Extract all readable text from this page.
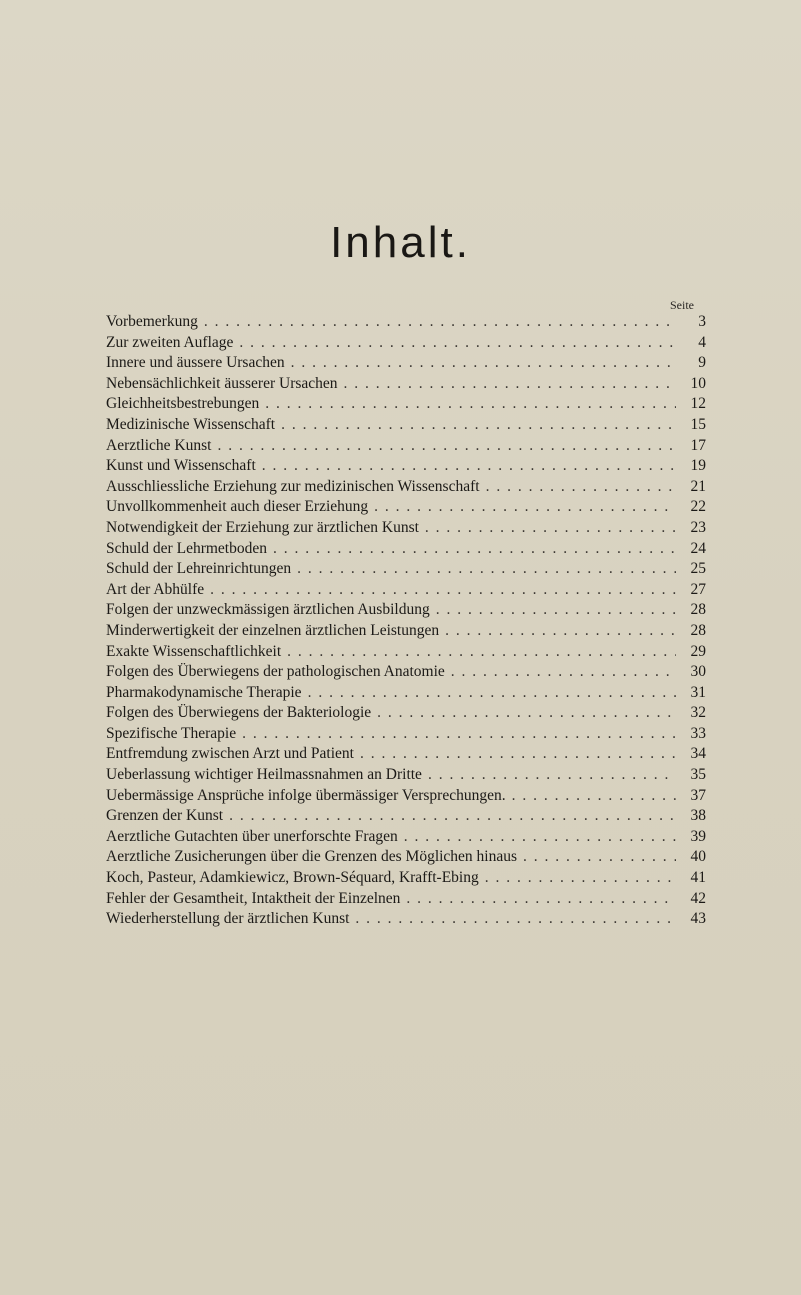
Inhalt.
Seite
Vorbemerkung . . .	3
Zur zweiten Auflage . . .	4
Innere und äussere Ursachen . . .	9
Nebensächlichkeit äusserer Ursachen . . .	10
Gleichheitsbestrebungen . . .	12
Medizinische Wissenschaft . . .	15
Aerztliche Kunst . . .	17
Kunst und Wissenschaft . . .	19
Ausschliessliche Erziehung zur medizinischen Wissenschaft . . .	21
Unvollkommenheit auch dieser Erziehung . . .	22
Notwendigkeit der Erziehung zur ärztlichen Kunst . . .	23
Schuld der Lehrmetboden . . .	24
Schuld der Lehreinrichtungen . . .	25
Art der Abhülfe . . .	27
Folgen der unzweckmässigen ärztlichen Ausbildung . . .	28
Minderwertigkeit der einzelnen ärztlichen Leistungen . . .	28
Exakte Wissenschaftlichkeit . . .	29
Folgen des Überwiegens der pathologischen Anatomie . . .	30
Pharmakodynamische Therapie . . .	31
Folgen des Überwiegens der Bakteriologie . . .	32
Spezifische Therapie . . .	33
Entfremdung zwischen Arzt und Patient . . .	34
Ueberlassung wichtiger Heilmassnahmen an Dritte . . .	35
Uebermässige Ansprüche infolge übermässiger Versprechungen. . . .	37
Grenzen der Kunst . . .	38
Aerztliche Gutachten über unerforschte Fragen . . .	39
Aerztliche Zusicherungen über die Grenzen des Möglichen hinaus . . .	40
Koch, Pasteur, Adamkiewicz, Brown-Séquard, Krafft-Ebing . . .	41
Fehler der Gesamtheit, Intaktheit der Einzelnen . . .	42
Wiederherstellung der ärztlichen Kunst . . .	43
